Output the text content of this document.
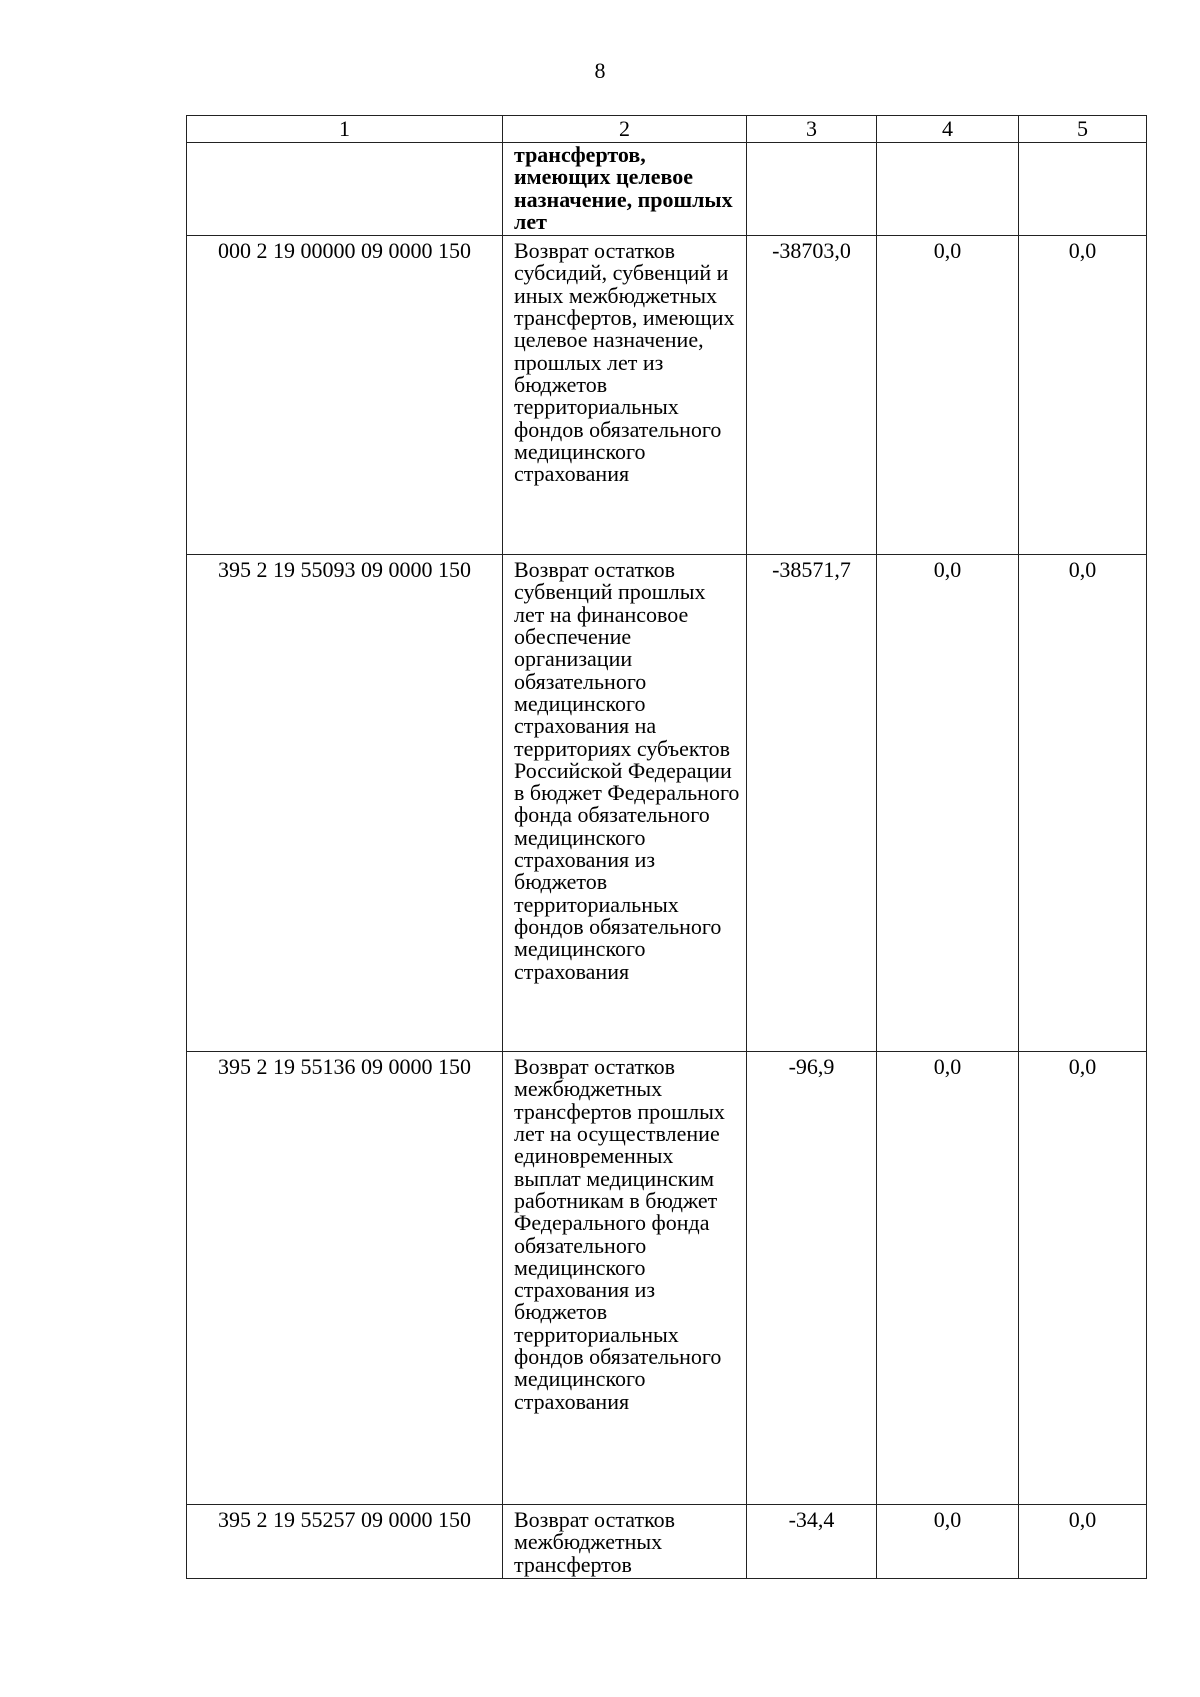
8
1	2	3	4	5
	трансфертов, имеющих целевое назначение, прошлых лет			
000 2 19 00000 09 0000 150	Возврат остатков субсидий, субвенций и иных межбюджетных трансфертов, имеющих целевое назначение, прошлых лет из бюджетов территориальных фондов обязательного медицинского страхования	-38703,0	0,0	0,0
395 2 19 55093 09 0000 150	Возврат остатков субвенций прошлых лет на финансовое обеспечение организации обязательного медицинского страхования на территориях субъектов Российской Федерации в бюджет Федерального фонда обязательного медицинского страхования из бюджетов территориальных фондов обязательного медицинского страхования	-38571,7	0,0	0,0
395 2 19 55136 09 0000 150	Возврат остатков межбюджетных трансфертов прошлых лет на осуществление единовременных выплат медицинским работникам в бюджет Федерального фонда обязательного медицинского страхования из бюджетов территориальных фондов обязательного медицинского страхования	-96,9	0,0	0,0
395 2 19 55257 09 0000 150	Возврат остатков межбюджетных трансфертов	-34,4	0,0	0,0
